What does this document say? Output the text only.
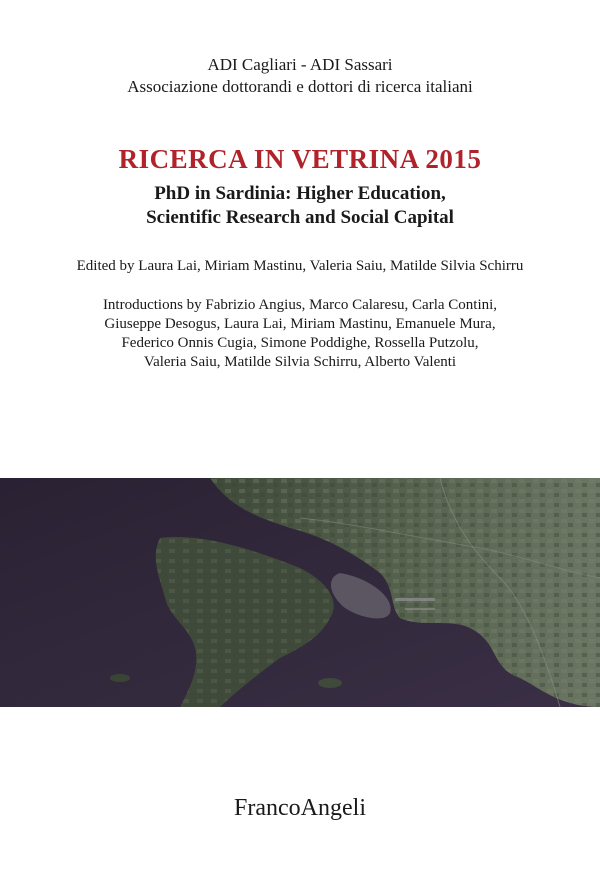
ADI Cagliari - ADI Sassari
Associazione dottorandi e dottori di ricerca italiani
RICERCA IN VETRINA 2015
PhD in Sardinia: Higher Education,
Scientific Research and Social Capital
Edited by Laura Lai, Miriam Mastinu, Valeria Saiu, Matilde Silvia Schirru
Introductions by Fabrizio Angius, Marco Calaresu, Carla Contini,
Giuseppe Desogus, Laura Lai, Miriam Mastinu, Emanuele Mura,
Federico Onnis Cugia, Simone Poddighe, Rossella Putzolu,
Valeria Saiu, Matilde Silvia Schirru, Alberto Valenti
FrancoAngeli
